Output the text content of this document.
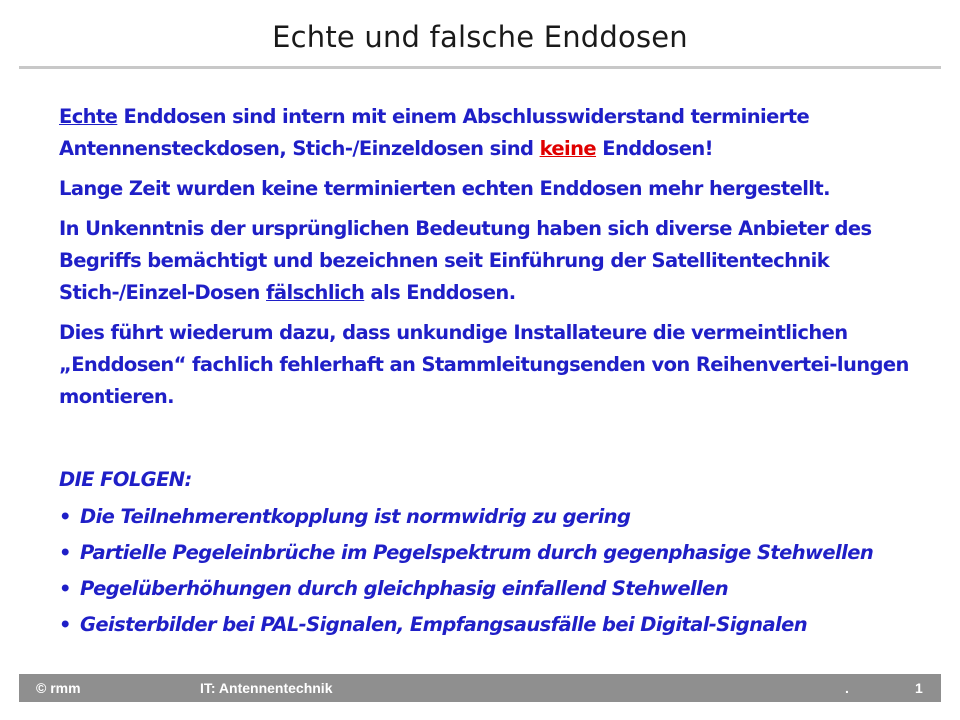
Echte und falsche Enddosen

Echte Enddosen sind intern mit einem Abschlusswiderstand terminierte Antennensteckdosen, Stich-/Einzeldosen sind keine Enddosen!

Lange Zeit wurden keine terminierten echten Enddosen mehr hergestellt.

In Unkenntnis der ursprünglichen Bedeutung haben sich diverse Anbieter des Begriffs bemächtigt und bezeichnen seit Einführung der Satellitentechnik Stich-/Einzel-Dosen fälschlich als Enddosen.

Dies führt wiederum dazu, dass unkundige Installateure die vermeintlichen „Enddosen“ fachlich fehlerhaft an Stammleitungsenden von Reihenvertei-lungen montieren.

DIE FOLGEN:
• Die Teilnehmerentkopplung ist normwidrig zu gering
• Partielle Pegeleinbrüche im Pegelspektrum durch gegenphasige Stehwellen
• Pegelüberhöhungen durch gleichphasig einfallend Stehwellen
• Geisterbilder bei PAL-Signalen, Empfangsausfälle bei Digital-Signalen
© rmm	IT: Antennentechnik	.	1
